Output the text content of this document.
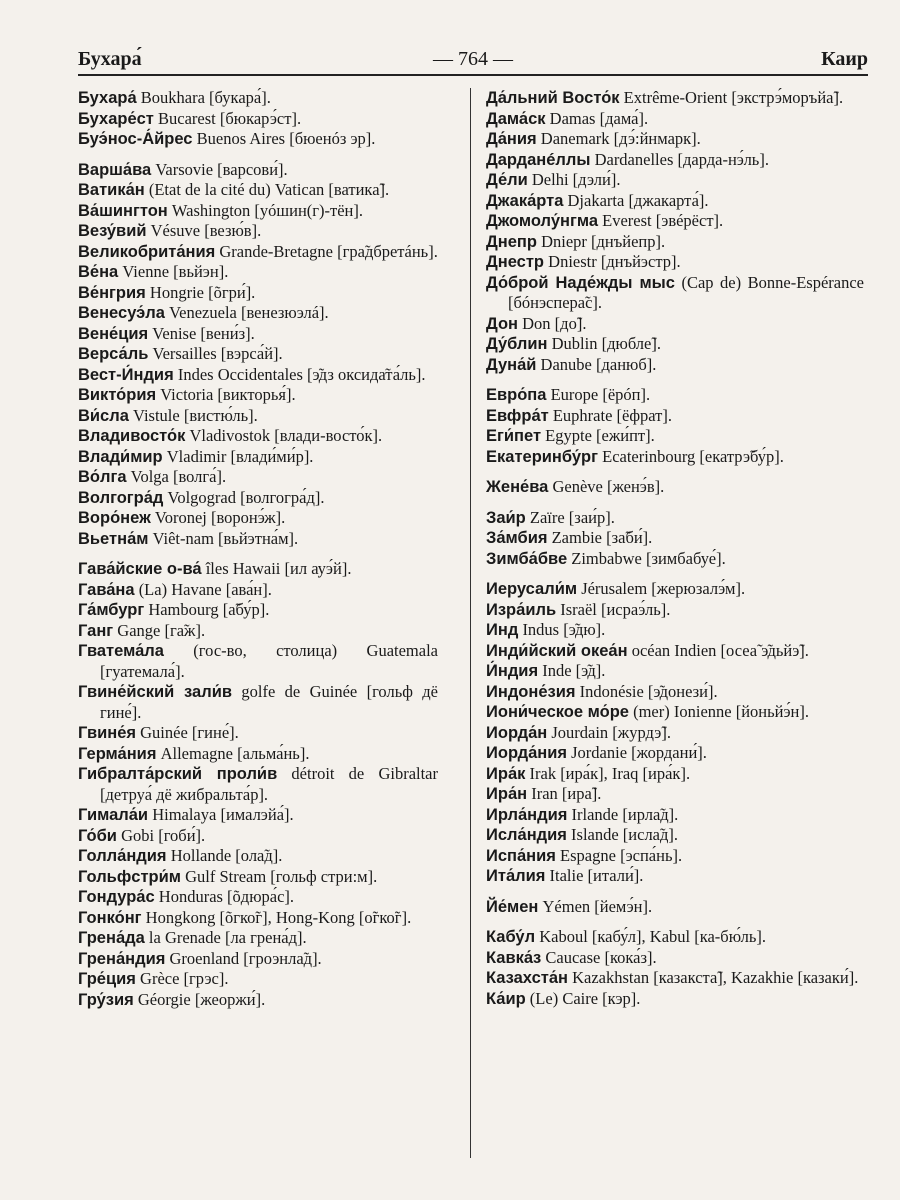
Бухара́	— 764 —	Каир

Бухара́ Boukhara [букара́].

Бухаре́ст Bucarest [бюкарэ́ст].

Буэ́нос-А́йрес Buenos Aires [бюенóз эр].

Варша́ва Varsovie [варсови́].

Ватика́н (Etat de la cité du) Vatican [ватика̃].

Ва́шингтон Washington [уóшин(г)-тён].

Везу́вий Vésuve [везю́в].

Великобрита́ния Grande-Bretagne [гра̃дбретáнь].

Ве́на Vienne [вьйэн].

Ве́нгрия Hongrie [õгри́].

Венесуэ́ла Venezuela [венезюэлá].

Вене́ция Venise [вени́з].

Верса́ль Versailles [вэрса́й].

Вест-И́ндия Indes Occidentales [э̃дз оксида̃та́ль].

Викто́рия Victoria [викторья́].

Ви́сла Vistule [вистю́ль].

Владивосто́к Vladivostok [влади-восто́к].

Влади́мир Vladimir [влади́ми́р].

Во́лга Volga [волга́].

Волгогра́д Volgograd [волгогра́д].

Воро́неж Voronej [воронэ́ж].

Вьетна́м Viêt-nam [вьйэтна́м].

Гава́йские о-ва́ îles Hawaii [ил ауэ́й].

Гава́на (La) Havane [ава́н].

Га́мбург Hambourg [а̃бу́р].

Ганг Gange [га̃ж].

Гватема́ла (гос-во, столица) Guatemala [гуатемала́].

Гвине́йский зали́в golfe de Guinée [гольф дё гине́].

Гвине́я Guinée [гине́].

Герма́ния Allemagne [альма́нь].

Гибралта́рский проли́в détroit de Gibraltar [детруа́ дё жибральта́р].

Гимала́и Himalaya [ималэйа́].

Го́би Gobi [гоби́].

Голла́ндия Hollande [ола̃д].

Гольфстри́м Gulf Stream [гольф стри:м].

Гондура́с Honduras [õдюра́с].

Гонко́нг Hongkong [õгко̃г], Hong-Kong [о̃гко̃г].

Грена́да la Grenade [ла грена́д].

Грена́ндия Groenland [гроэнла̃д].

Гре́ция Grèce [грэс].

Гру́зия Géorgie [жеоржи́].

Да́льний Восто́к Extrême-Orient [экстрэ́моръйа̃].

Дама́ск Damas [дама́].

Да́ния Danemark [дэ́:йнмарк].

Дарданéллы Dardanelles [дарда-нэ́ль].

Де́ли Delhi [дэли́].

Джака́рта Djakarta [джакарта́].

Джомолу́нгма Everest [эвéрёст].

Днепр Dniepr [днъйепр].

Днестр Dniestr [днъйэстр].

До́брой Наде́жды мыс (Cap de) Bonne-Espérance [бóнэспера̃с].

Дон Don [до̃].

Ду́блин Dublin [дюбле̃].

Дуна́й Danube [данюб].

Евро́па Europe [ёрóп].

Евфра́т Euphrate [ёфрат].

Еги́пет Egypte [ежи́пт].

Екатеринбу́рг Ecaterinbourg [екатрэ̃бу́р].

Жене́ва Genève [женэ́в].

Заи́р Zaïre [заи́р].

За́мбия Zambie [за̃би́].

Зимба́бве Zimbabwe [зимбабуе́].

Иерусали́м Jérusalem [жерюзалэ́м].

Изра́иль Israël [исраэ́ль].

Инд Indus [э̃дю].

Инди́йский океа́н océan Indien [осеа̃ э̃дьйэ̃].

И́ндия Inde [э̃д].

Индоне́зия Indonésie [э̃донези́].

Иони́ческое мо́ре (mer) Ionienne [йоньйэ́н].

Иорда́н Jourdain [журдэ̃].

Иорда́ния Jordanie [жордани́].

Ира́к Irak [ира́к], Iraq [ира́к].

Ира́н Iran [ира̃].

Ирла́ндия Irlande [ирла̃д].

Исла́ндия Islande [исла̃д].

Испа́ния Espagne [эспа́нь].

Ита́лия Italie [итали́].

Йе́мен Yémen [йемэ́н].

Кабу́л Kaboul [кабу́л], Kabul [ка-бю́ль].

Кавка́з Caucase [кока́з].

Казахста́н Kazakhstan [казакста̃], Kazakhie [казаки́].

Ка́ир (Le) Caire [кэр].
